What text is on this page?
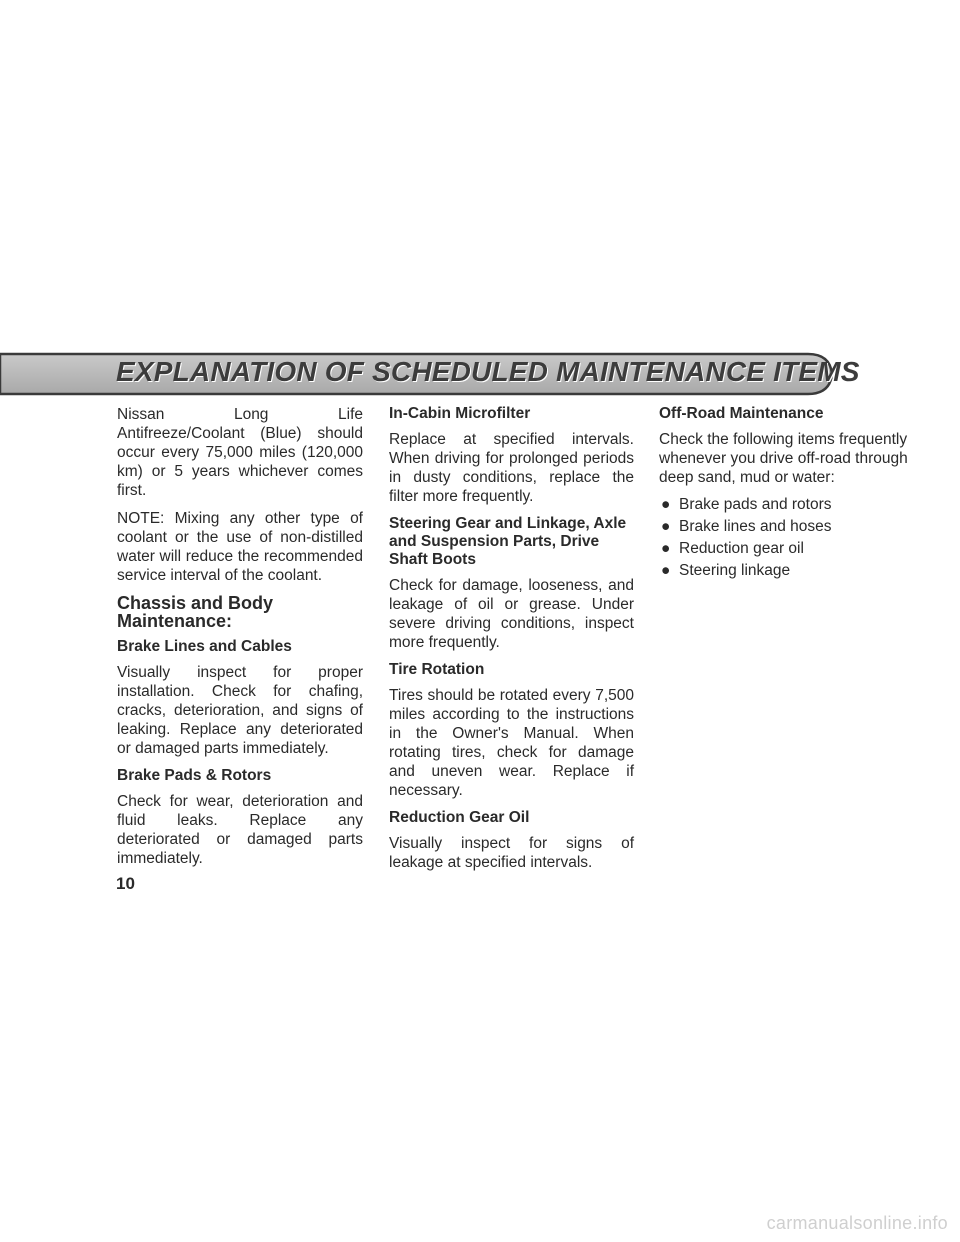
EXPLANATION OF SCHEDULED MAINTENANCE ITEMS

Nissan Long Life Antifreeze/Coolant (Blue) should occur every 75,000 miles (120,000 km) or 5 years whichever comes first.

NOTE: Mixing any other type of coolant or the use of non-distilled water will reduce the recommended service interval of the coolant.

Chassis and Body Maintenance:
Brake Lines and Cables

Visually inspect for proper installation. Check for chafing, cracks, deterioration, and signs of leaking. Replace any deteriorated or damaged parts immediately.

Brake Pads & Rotors

Check for wear, deterioration and fluid leaks. Replace any deteriorated or damaged parts immediately.

In-Cabin Microfilter

Replace at specified intervals. When driving for prolonged periods in dusty conditions, replace the filter more frequently.

Steering Gear and Linkage, Axle and Suspension Parts, Drive Shaft Boots

Check for damage, looseness, and leakage of oil or grease. Under severe driving conditions, inspect more frequently.

Tire Rotation

Tires should be rotated every 7,500 miles according to the instructions in the Owner's Manual. When rotating tires, check for damage and uneven wear. Replace if necessary.

Reduction Gear Oil

Visually inspect for signs of leakage at specified intervals.

Off-Road Maintenance

Check the following items frequently whenever you drive off-road through deep sand, mud or water:

● Brake pads and rotors
● Brake lines and hoses
● Reduction gear oil
● Steering linkage
10
carmanualsonline.info
